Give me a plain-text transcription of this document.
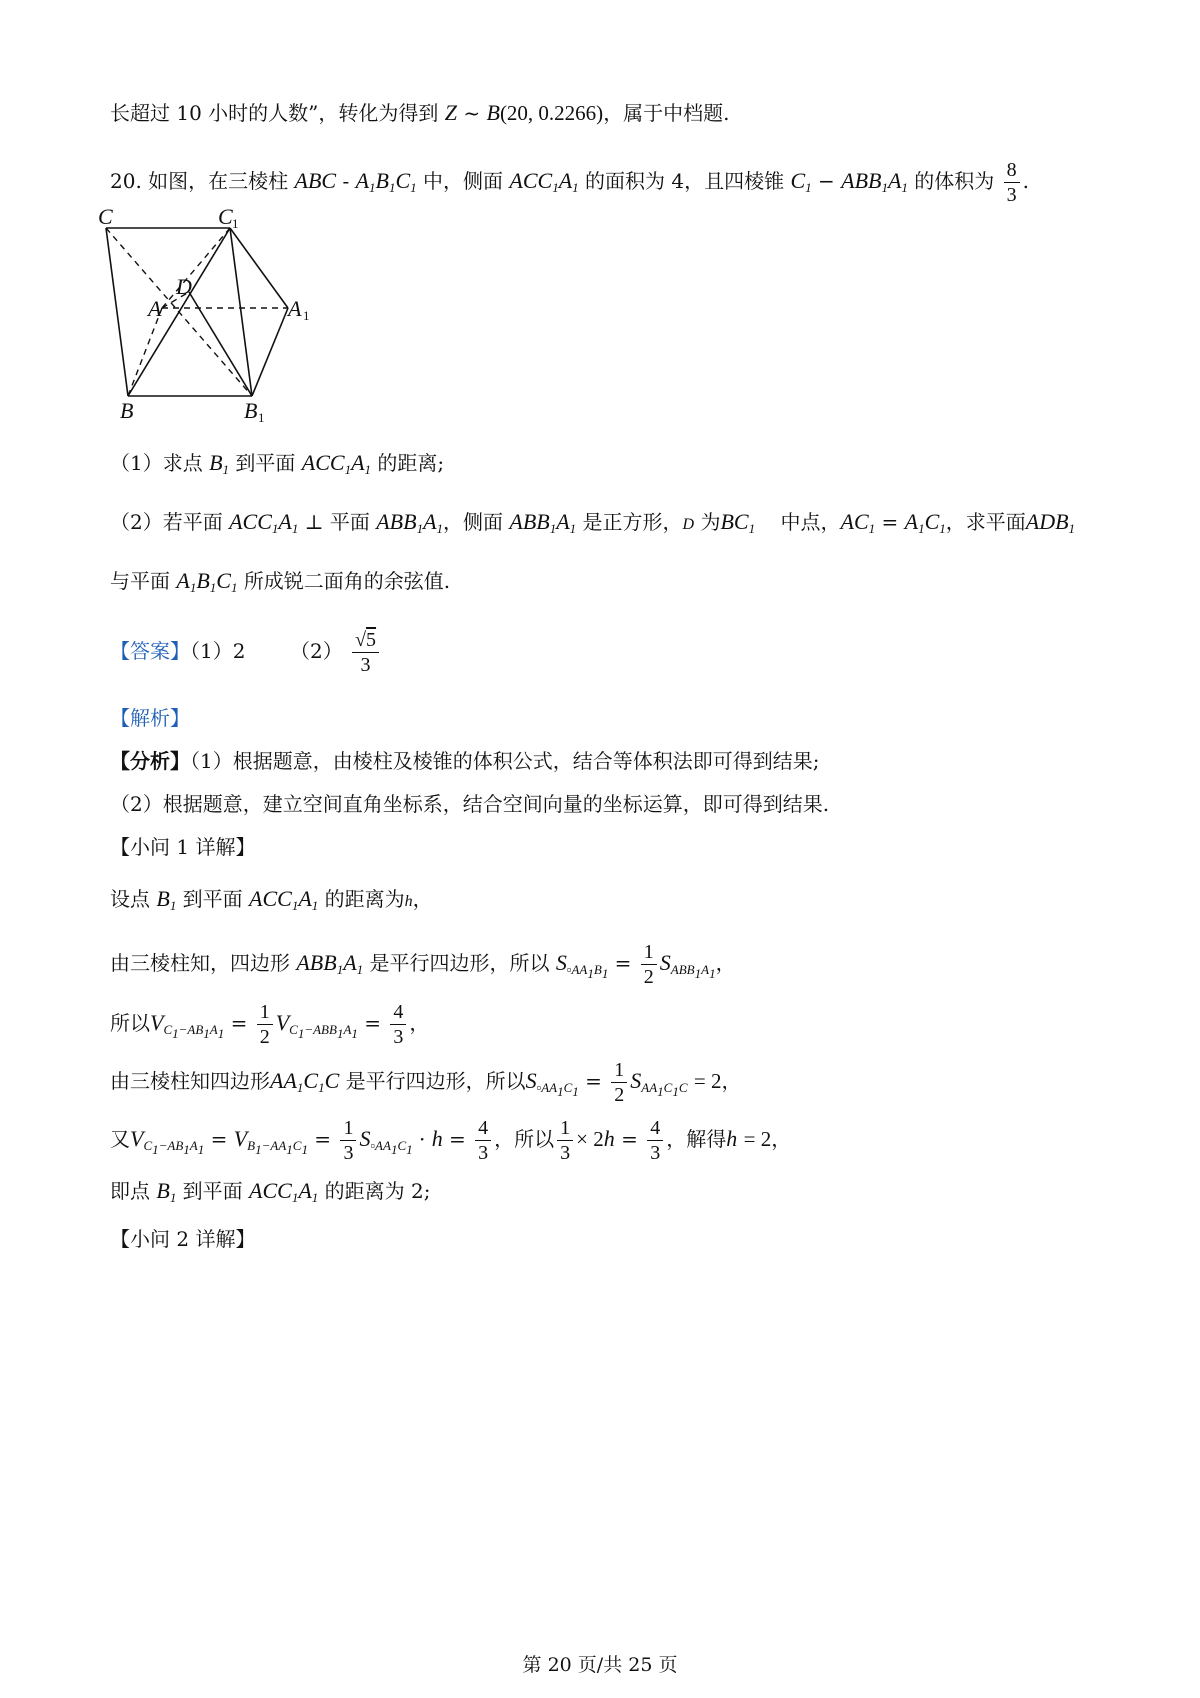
长超过 10 小时的人数”，转化为得到 Z ~ B(20, 0.2266)，属于中档题.
20. 如图，在三棱柱 ABC - $A_1B_1C_1$ 中，侧面 $ACC_1A_1$ 的面积为 4，且四棱锥 $C_1 - ABB_1A_1$ 的体积为 $\frac{8}{3}$ .
C	C 1
D
A	A 1
B	B 1
（1）求点 $B_1$ 到平面 $ACC_1A_1$ 的距离;
（2）若平面 $ACC_1A_1$ ⊥ 平面 $ABB_1A_1$，侧面 $ABB_1A_1$ 是正方形，D 为$BC_1$ 中点，$AC_1 = A_1C_1$，求平面$ADB_1$
与平面 $A_1B_1C_1$ 所成锐二面角的余弦值.
【答案】（1）2 $(2) \frac{√5}{3}$
【解析】
【分析】（1）根据题意，由棱柱及棱锥的体积公式，结合等体积法即可得到结果;
（2）根据题意，建立空间直角坐标系，结合空间向量的坐标运算，即可得到结果.
【小问 1 详解】
设点 $B_1$ 到平面 $ACC_1A_1$ 的距离为h，
由三棱柱知，四边形 $ABB_1A_1$ 是平行四边形，所以 $S_{▫AA_1B_1} = \frac{1}{2} S_{ABB_1A_1}$，
所以$V_{C_1-AB_1A_1} = \frac{1}{2} V_{C_1-ABB_1A_1} = \frac{4}{3}$ ，
由三棱柱知四边形$AA_1C_1C$ 是平行四边形，所以$S_{▫AA_1C_1} = \frac{1}{2} S_{AA_1C_1C} = 2$，
又$V_{C_1-AB_1A_1} = V_{B_1-AA_1C_1} = \frac{1}{3} S_{▫AA_1C_1} \cdot h = \frac{4}{3}$ ，所以 $\frac{1}{3} \times 2h = \frac{4}{3}$ ，解得h = 2，
即点 $B_1$ 到平面 $ACC_1A_1$ 的距离为 2;
【小问 2 详解】
第 20 页/共 25 页
